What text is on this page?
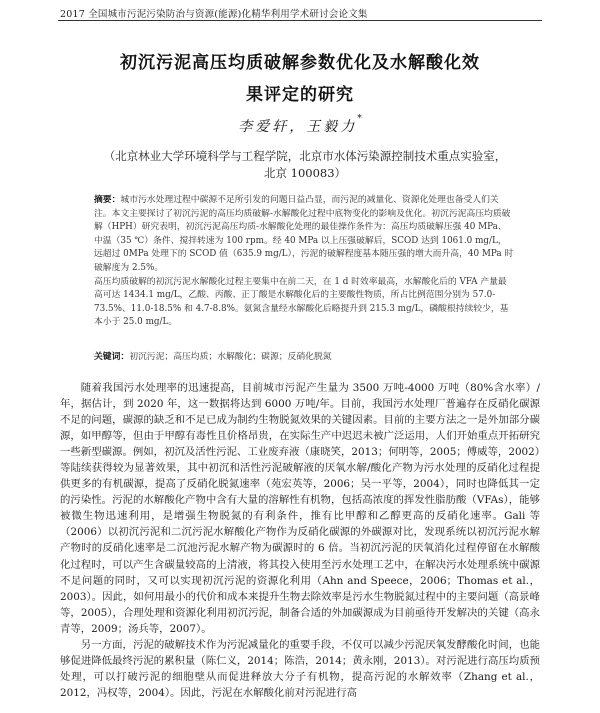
2017 全国城市污泥污染防治与资源(能源)化精华利用学术研讨会论文集
初沉污泥高压均质破解参数优化及水解酸化效
果评定的研究
李爱轩，王毅力*
（北京林业大学环境科学与工程学院，北京市水体污染源控制技术重点实验室，北京 100083）

摘要：城市污水处理过程中碳源不足所引发的问题日益凸显，而污泥的减量化、资源化处理也备受人们关注。本文主要探讨了初沉污泥的高压均质破解-水解酸化过程中底物变化的影响及优化。初沉污泥高压均质破解（HPH）研究表明，初沉污泥高压均质-水解酸化处理的最佳操作条件为：高压均质破解压强 40 MPa、中温（35 ℃）条件、搅拌转速为 100 rpm。经 40 MPa 以上压强破解后，SCOD 达到 1061.0 mg/L，远超过 0MPa 处理下的 SCOD 值（635.9 mg/L），污泥的破解程度基本随压强的增大而升高，40 MPa 时破解度为 2.5%。

高压均质破解的初沉污泥水解酸化过程主要集中在前二天，在 1 d 时效率最高，水解酸化后的 VFA 产量最高可达 1434.1 mg/L，乙酸、丙酸、正丁酸是水解酸化后的主要酸性物质，所占比例范围分别为 57.0-73.5%、11.0-18.5% 和 4.7-8.8%。氨氮含量经水解酸化后略提升到 215.3 mg/L，磷酸根持续较少，基本小于 25.0 mg/L。

关键词：初沉污泥；高压均质；水解酸化；碳源；反硝化脱氮

随着我国污水处理率的迅速提高，目前城市污泥产生量为 3500 万吨-4000 万吨（80%含水率）/年，据估计，到 2020 年，这一数据将达到 6000 万吨/年。目前，我国污水处理厂普遍存在反硝化碳源不足的问题，碳源的缺乏和不足已成为制约生物脱氮效果的关键因素。目前的主要方法之一是外加部分碳源，如甲醇等，但由于甲醇有毒性且价格昂贵，在实际生产中迟迟未被广泛运用，人们开始重点开拓研究一些新型碳源。例如，初沉及活性污泥、工业废弃液（康晓笑，2013；何明等，2005；傅威等，2002）等陆续获得较为显著效果，其中初沉和活性污泥破解液的厌氧水解/酸化产物为污水处理的反硝化过程提供更多的有机碳源，提高了反硝化脱氮速率（苑宏英等，2006；吴一平等，2004），同时也降低其一定的污染性。污泥的水解酸化产物中含有大量的溶解性有机物，包括高浓度的挥发性脂肪酸（VFAs），能够被微生物迅速利用，是增强生物脱氮的有利条件，推有比甲醇和乙醇更高的反硝化速率。Gali 等（2006）以初沉污泥和二沉污泥水解酸化产物作为反硝化碳源的外碳源对比，发现系统以初沉污泥水解产物时的反硝化速率是二沉池污泥水解产物为碳源时的 6 倍。当初沉污泥的厌氧消化过程停留在水解酸化过程时，可以产生含碳量较高的上清液，将其投入使用至污水处理工艺中，在解决污水处理系统中碳源不足问题的同时，又可以实现初沉污泥的资源化利用（Ahn and Speece，2006；Thomas et al.，2003）。因此，如何用最小的代价和成本来提升生物去除效率是污水生物脱氮过程中的主要问题（高景峰等，2005），合理处理和资源化利用初沉污泥，制备合适的外加碳源成为目前亟待开发解决的关键（高永青等，2009；汤兵等，2007）。

另一方面，污泥的破解技术作为污泥减量化的重要手段，不仅可以减少污泥厌氧发酵酸化时间，也能够促进降低最终污泥的累积量（陈仁义，2014；陈浩，2014；黄永刚，2013）。对污泥进行高压均质预处理，可以打破污泥的细胞壁从而促进释放大分子有机物，提高污泥的水解效率（Zhang et al.，2012，冯权等，2004）。因此，污泥在水解酸化前对污泥进行高
